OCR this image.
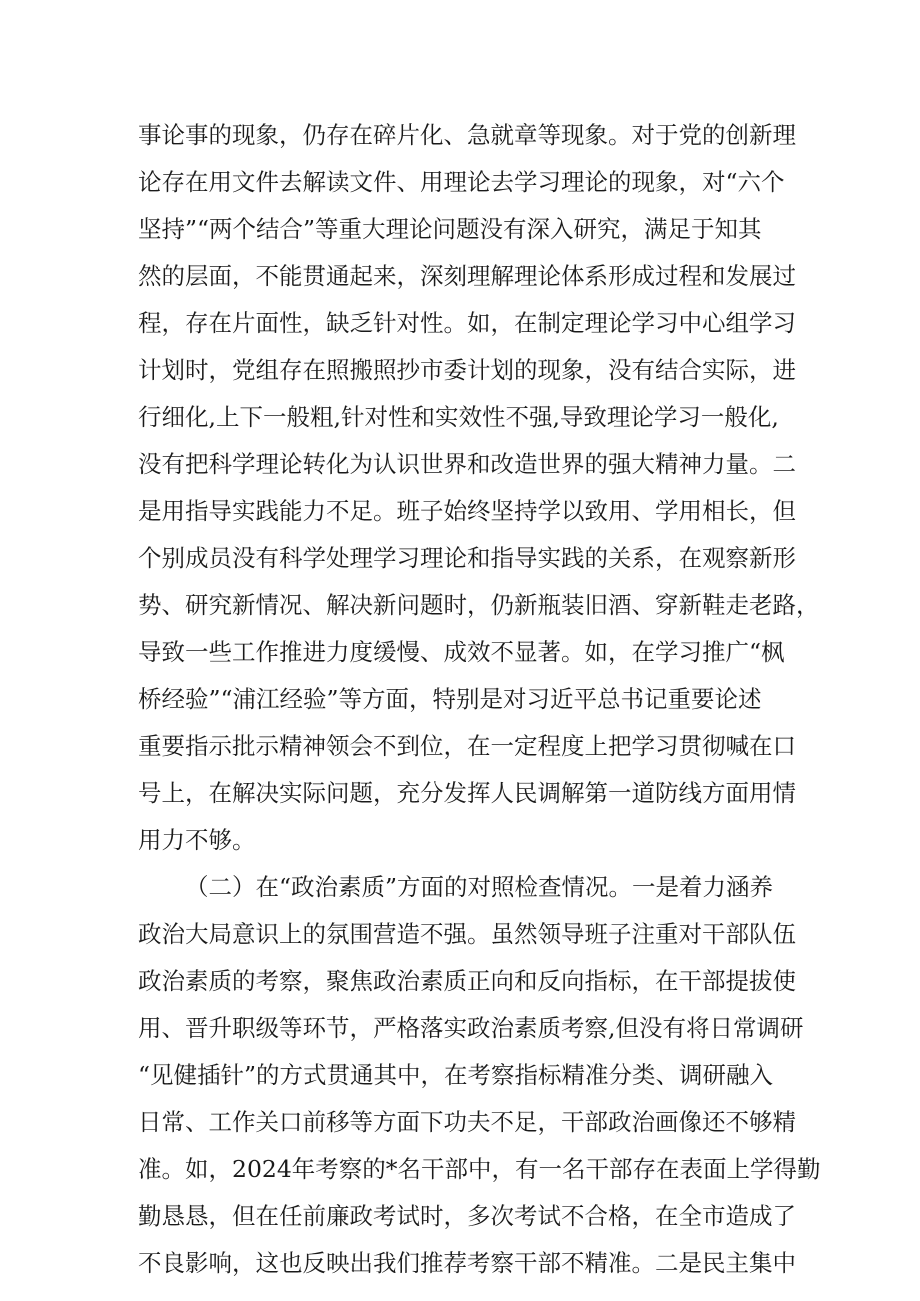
事论事的现象，仍存在碎片化、急就章等现象。对于党的创新理
论存在用文件去解读文件、用理论去学习理论的现象，对“六个
坚持”“两个结合”等重大理论问题没有深入研究，满足于知其
然的层面，不能贯通起来，深刻理解理论体系形成过程和发展过
程，存在片面性，缺乏针对性。如，在制定理论学习中心组学习
计划时，党组存在照搬照抄市委计划的现象，没有结合实际，进
行细化,上下一般粗,针对性和实效性不强,导致理论学习一般化,
没有把科学理论转化为认识世界和改造世界的强大精神力量。二
是用指导实践能力不足。班子始终坚持学以致用、学用相长，但
个别成员没有科学处理学习理论和指导实践的关系，在观察新形
势、研究新情况、解决新问题时，仍新瓶装旧酒、穿新鞋走老路，
导致一些工作推进力度缓慢、成效不显著。如，在学习推广“枫
桥经验”“浦江经验”等方面，特别是对习近平总书记重要论述
重要指示批示精神领会不到位，在一定程度上把学习贯彻喊在口
号上，在解决实际问题，充分发挥人民调解第一道防线方面用情
用力不够。
（二）在“政治素质”方面的对照检查情况。一是着力涵养
政治大局意识上的氛围营造不强。虽然领导班子注重对干部队伍
政治素质的考察，聚焦政治素质正向和反向指标，在干部提拔使
用、晋升职级等环节，严格落实政治素质考察,但没有将日常调研
“见健插针”的方式贯通其中，在考察指标精准分类、调研融入
日常、工作关口前移等方面下功夫不足，干部政治画像还不够精
准。如，2024年考察的*名干部中，有一名干部存在表面上学得勤
勤恳恳，但在任前廉政考试时，多次考试不合格，在全市造成了
不良影响，这也反映出我们推荐考察干部不精准。二是民主集中
